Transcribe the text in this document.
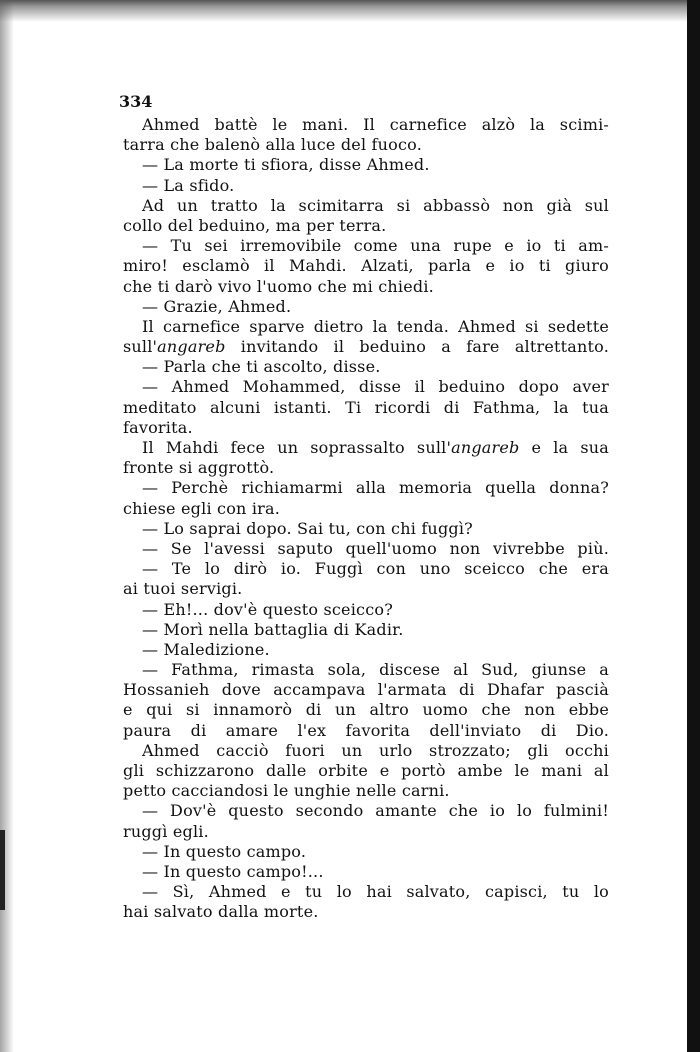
334
Ahmed battè le mani. Il carnefice alzò la scimi-
tarra che balenò alla luce del fuoco.
— La morte ti sfiora, disse Ahmed.
— La sfido.
Ad un tratto la scimitarra si abbassò non già sul
collo del beduino, ma per terra.
— Tu sei irremovibile come una rupe e io ti am-
miro! esclamò il Mahdi. Alzati, parla e io ti giuro
che ti darò vivo l'uomo che mi chiedi.
— Grazie, Ahmed.
Il carnefice sparve dietro la tenda. Ahmed si sedette
sull'angareb invitando il beduino a fare altrettanto.
— Parla che ti ascolto, disse.
— Ahmed Mohammed, disse il beduino dopo aver
meditato alcuni istanti. Ti ricordi di Fathma, la tua
favorita.
Il Mahdi fece un soprassalto sull'angareb e la sua
fronte si aggrottò.
— Perchè richiamarmi alla memoria quella donna?
chiese egli con ira.
— Lo saprai dopo. Sai tu, con chi fuggì?
— Se l'avessi saputo quell'uomo non vivrebbe più.
— Te lo dirò io. Fuggì con uno sceicco che era
ai tuoi servigi.
— Eh!... dov'è questo sceicco?
— Morì nella battaglia di Kadir.
— Maledizione.
— Fathma, rimasta sola, discese al Sud, giunse a
Hossanieh dove accampava l'armata di Dhafar pascià
e qui si innamorò di un altro uomo che non ebbe
paura di amare l'ex favorita dell'inviato di Dio.
Ahmed cacciò fuori un urlo strozzato; gli occhi
gli schizzarono dalle orbite e portò ambe le mani al
petto cacciandosi le unghie nelle carni.
— Dov'è questo secondo amante che io lo fulmini!
ruggì egli.
— In questo campo.
— In questo campo!...
— Sì, Ahmed e tu lo hai salvato, capisci, tu lo
hai salvato dalla morte.
